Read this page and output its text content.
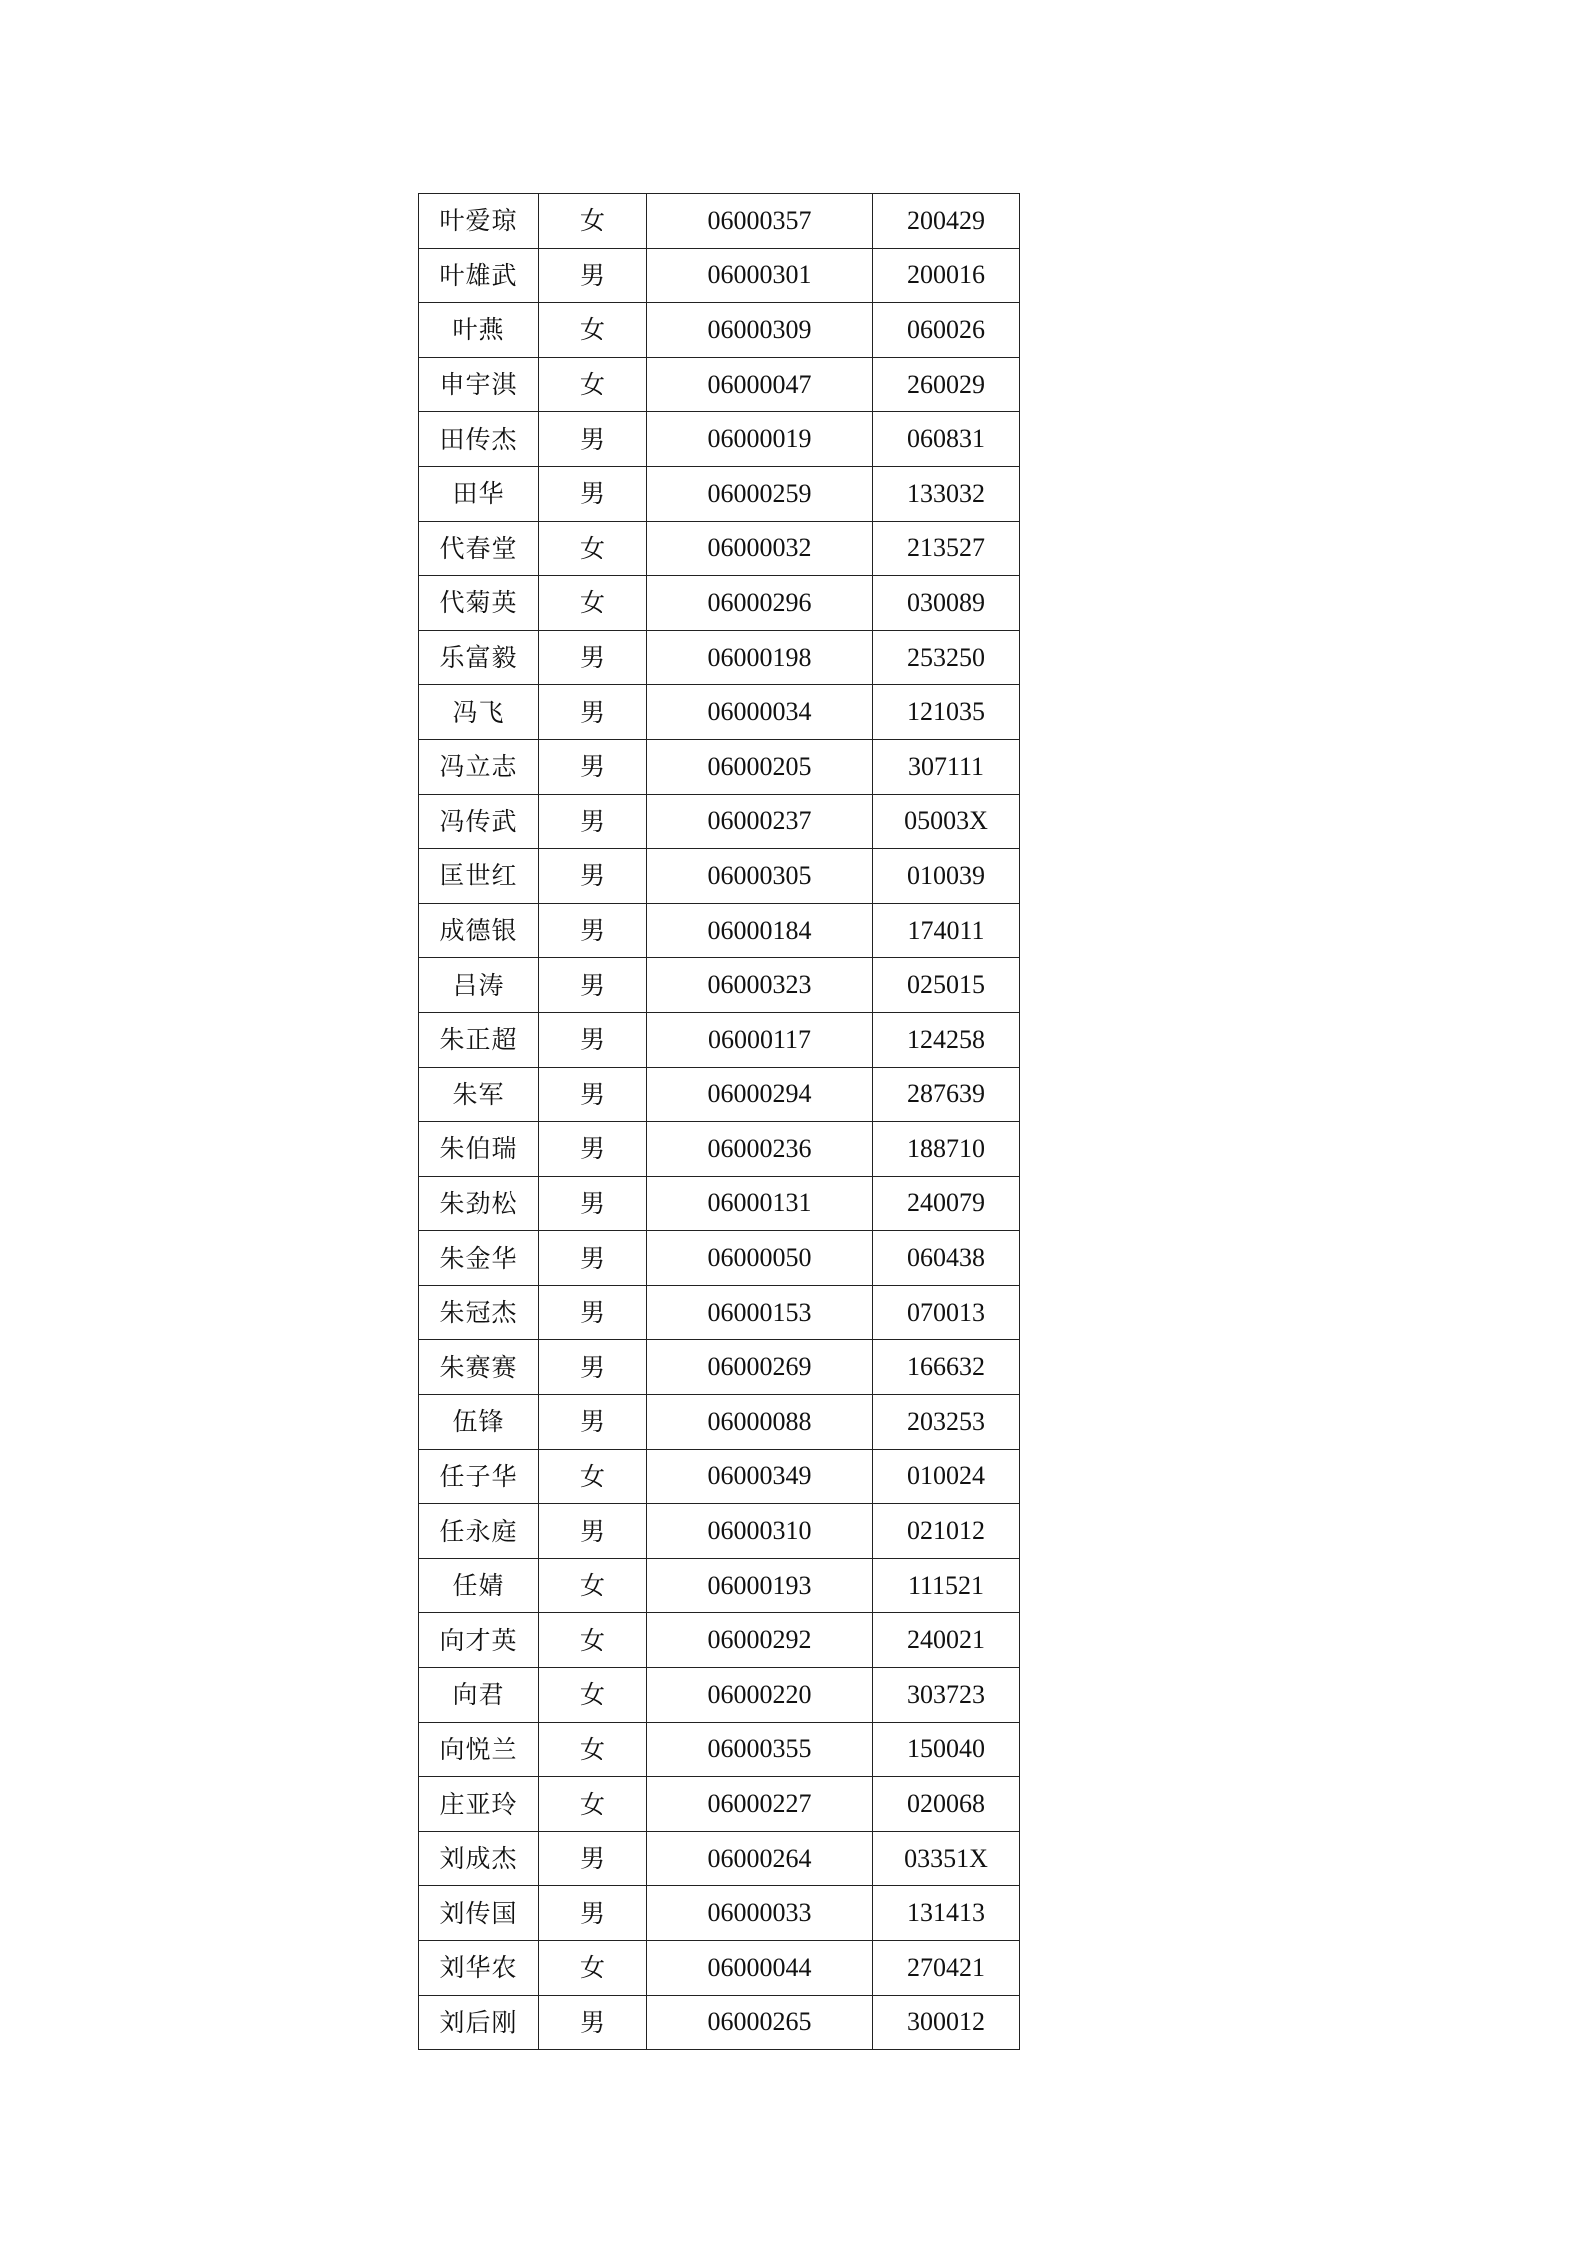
叶爱琼	女	06000357	200429
叶雄武	男	06000301	200016
叶燕	女	06000309	060026
申宇淇	女	06000047	260029
田传杰	男	06000019	060831
田华	男	06000259	133032
代春堂	女	06000032	213527
代菊英	女	06000296	030089
乐富毅	男	06000198	253250
冯飞	男	06000034	121035
冯立志	男	06000205	307111
冯传武	男	06000237	05003X
匡世红	男	06000305	010039
成德银	男	06000184	174011
吕涛	男	06000323	025015
朱正超	男	06000117	124258
朱军	男	06000294	287639
朱伯瑞	男	06000236	188710
朱劲松	男	06000131	240079
朱金华	男	06000050	060438
朱冠杰	男	06000153	070013
朱赛赛	男	06000269	166632
伍锋	男	06000088	203253
任子华	女	06000349	010024
任永庭	男	06000310	021012
任婧	女	06000193	111521
向才英	女	06000292	240021
向君	女	06000220	303723
向悦兰	女	06000355	150040
庄亚玲	女	06000227	020068
刘成杰	男	06000264	03351X
刘传国	男	06000033	131413
刘华农	女	06000044	270421
刘后刚	男	06000265	300012
